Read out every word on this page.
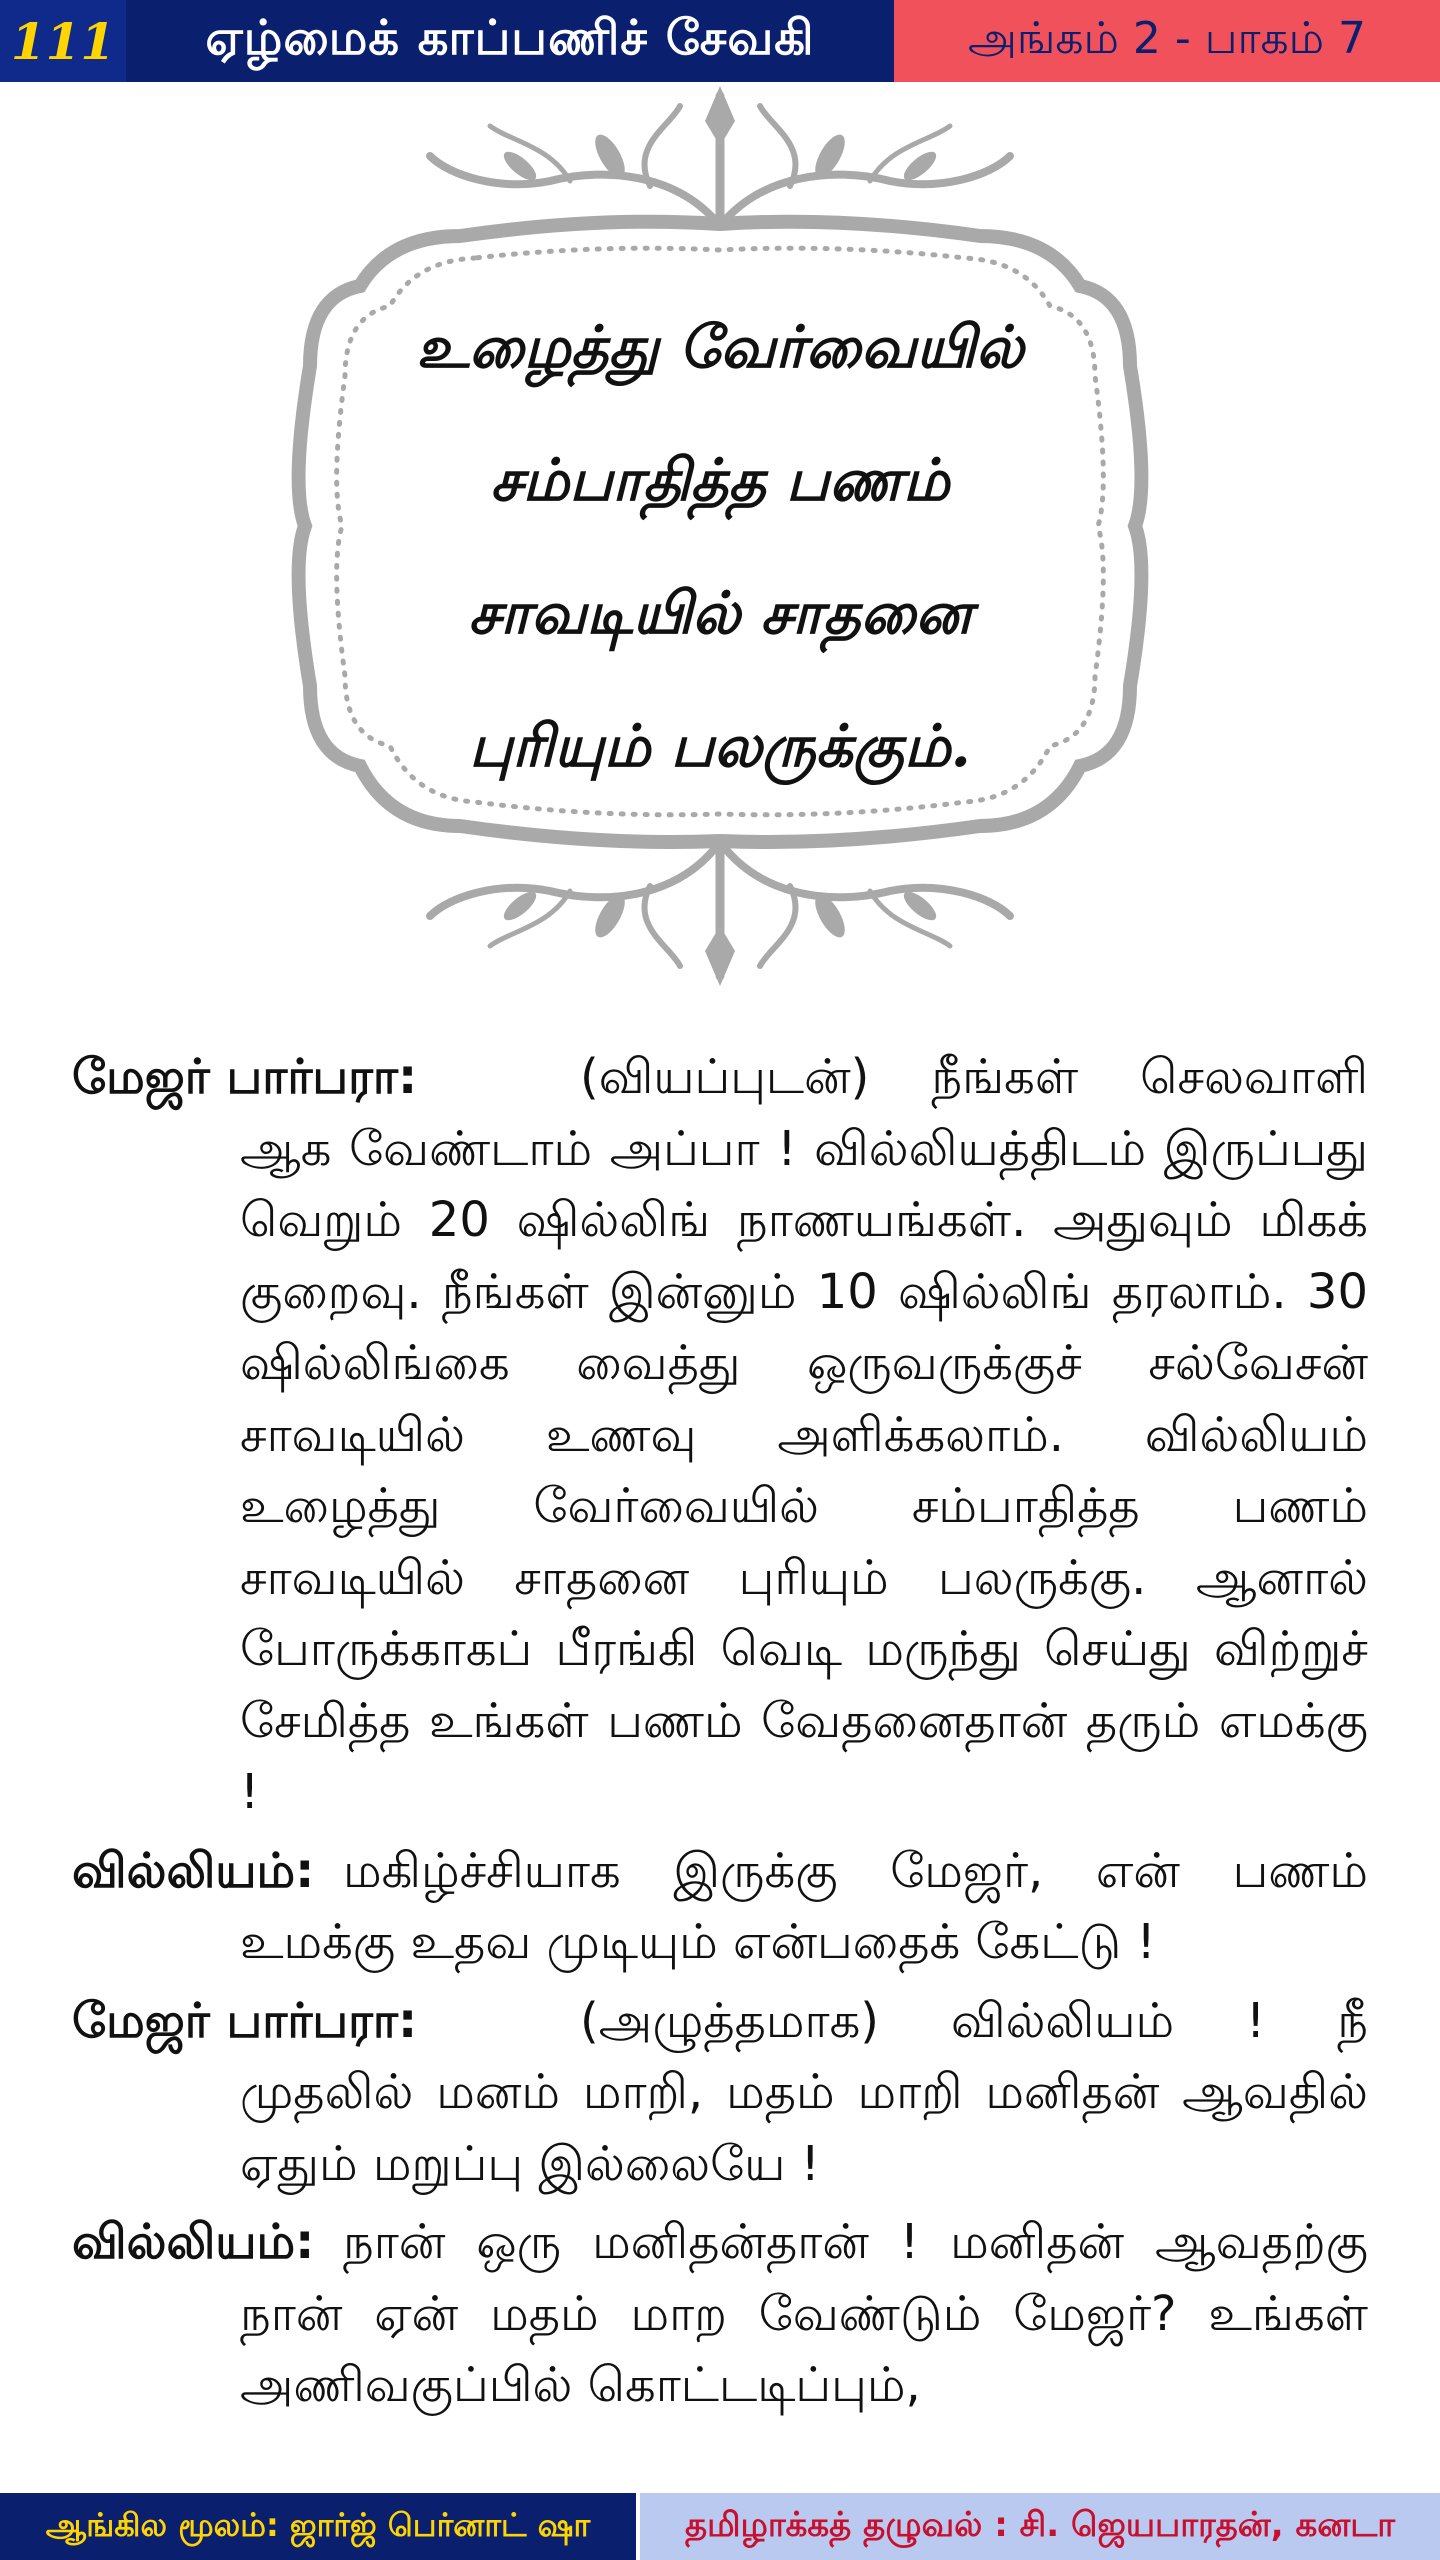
111	ஏழ்மைக் காப்பணிச் சேவகி	அங்கம் 2 - பாகம் 7
உழைத்து வேர்வையில்
சம்பாதித்த பணம்
சாவடியில் சாதனை
புரியும் பலருக்கும்.
மேஜர் பார்பரா:	(வியப்புடன்) நீங்கள் செலவாளி ஆக வேண்டாம் அப்பா ! வில்லியத்திடம் இருப்பது வெறும் 20 ஷில்லிங் நாணயங்கள். அதுவும் மிகக் குறைவு. நீங்கள் இன்னும் 10 ஷில்லிங் தரலாம். 30 ஷில்லிங்கை வைத்து ஒருவருக்குச் சல்வேசன் சாவடியில் உணவு அளிக்கலாம். வில்லியம் உழைத்து வேர்வையில் சம்பாதித்த பணம் சாவடியில் சாதனை புரியும் பலருக்கு. ஆனால் போருக்காகப் பீரங்கி வெடி மருந்து செய்து விற்றுச் சேமித்த உங்கள் பணம் வேதனைதான் தரும் எமக்கு !
வில்லியம்: மகிழ்ச்சியாக இருக்கு மேஜர், என் பணம் உமக்கு உதவ முடியும் என்பதைக் கேட்டு !
மேஜர் பார்பரா:	(அழுத்தமாக) வில்லியம் ! நீ முதலில் மனம் மாறி, மதம் மாறி மனிதன் ஆவதில் ஏதும் மறுப்பு இல்லையே !
வில்லியம்: நான் ஒரு மனிதன்தான் ! மனிதன் ஆவதற்கு நான் ஏன் மதம் மாற வேண்டும் மேஜர்? உங்கள் அணிவகுப்பில் கொட்டடிப்பும்,
ஆங்கில மூலம்: ஜார்ஜ் பெர்னாட் ஷா	தமிழாக்கத் தழுவல் : சி. ஜெயபாரதன், கனடா
